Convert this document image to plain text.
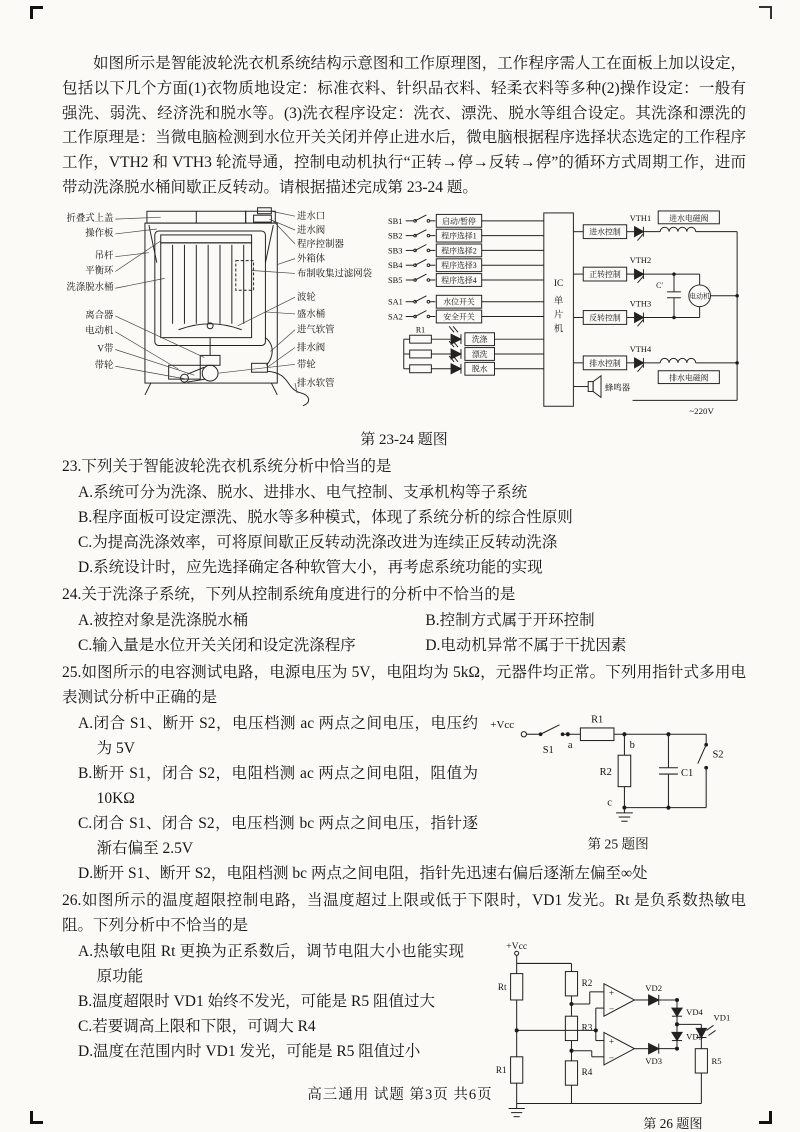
如图所示是智能波轮洗衣机系统结构示意图和工作原理图，工作程序需人工在面板上加以设定，包括以下几个方面(1)衣物质地设定：标准衣料、针织品衣料、轻柔衣料等多种(2)操作设定：一般有强洗、弱洗、经济洗和脱水等。(3)洗衣程序设定：洗衣、漂洗、脱水等组合设定。其洗涤和漂洗的工作原理是：当微电脑检测到水位开关关闭并停止进水后，微电脑根据程序选择状态选定的工作程序工作，VTH2 和 VTH3 轮流导通，控制电动机执行“正转→停→反转→停”的循环方式周期工作，进而带动洗涤脱水桶间歇正反转动。请根据描述完成第 23-24 题。

折叠式上盖
操作板
吊杆
平衡环
洗涤脱水桶
离合器
电动机
V带
带轮
进水口
进水阀
程序控制器
外箱体
布制收集过滤网袋
波轮
盛水桶
进气软管
排水阀
带轮
排水软管
SB1
SB2
SB3
SB4
SB5
启动/暂停
程序选择1
程序选择2
程序选择3
程序选择4
SA1
SA2
水位开关
安全开关
R1
洗涤
漂洗
脱水
IC
单
片
机
进水控制
正转控制
反转控制
排水控制
VTH1
VTH2
VTH3
VTH4
进水电磁阀
电动机
排水电磁阀
C′
蜂鸣器
~220V
第 23-24 题图
23.下列关于智能波轮洗衣机系统分析中恰当的是
A.系统可分为洗涤、脱水、进排水、电气控制、支承机构等子系统
B.程序面板可设定漂洗、脱水等多种模式，体现了系统分析的综合性原则
C.为提高洗涤效率，可将原间歇正反转动洗涤改进为连续正反转动洗涤
D.系统设计时，应先选择确定各种软管大小，再考虑系统功能的实现
24.关于洗涤子系统，下列从控制系统角度进行的分析中不恰当的是
A.被控对象是洗涤脱水桶	B.控制方式属于开环控制
C.输入量是水位开关关闭和设定洗涤程序	D.电动机异常不属于干扰因素
25.如图所示的电容测试电路，电源电压为 5V，电阻均为 5kΩ，元器件均正常。下列用指针式多用电表测试分析中正确的是
A.闭合 S1、断开 S2，电压档测 ac 两点之间电压，电压约为 5V
B.断开 S1，闭合 S2，电阻档测 ac 两点之间电阻，阻值为 10KΩ
C.闭合 S1、闭合 S2，电压档测 bc 两点之间电压，指针逐渐右偏至 2.5V
+Vcc
S1 a
R1
b
R2
c
C1
S2
第 25 题图
D.断开 S1、断开 S2，电阻档测 bc 两点之间电阻，指针先迅速右偏后逐渐左偏至∞处
26.如图所示的温度超限控制电路，当温度超过上限或低于下限时，VD1 发光。Rt 是负系数热敏电阻。下列分析中不恰当的是
A.热敏电阻 Rt 更换为正系数后，调节电阻大小也能实现原功能
B.温度超限时 VD1 始终不发光，可能是 R5 阻值过大
C.若要调高上限和下限，可调大 R4
D.温度在范围内时 VD1 发光，可能是 R5 阻值过小
+Vcc
Rt
R1
R2
R3
R4
+
−
+
−
VD2
VD3
VD4
VD5
VD1
R5
第 26 题图
高三通用 试题 第3页 共6页
